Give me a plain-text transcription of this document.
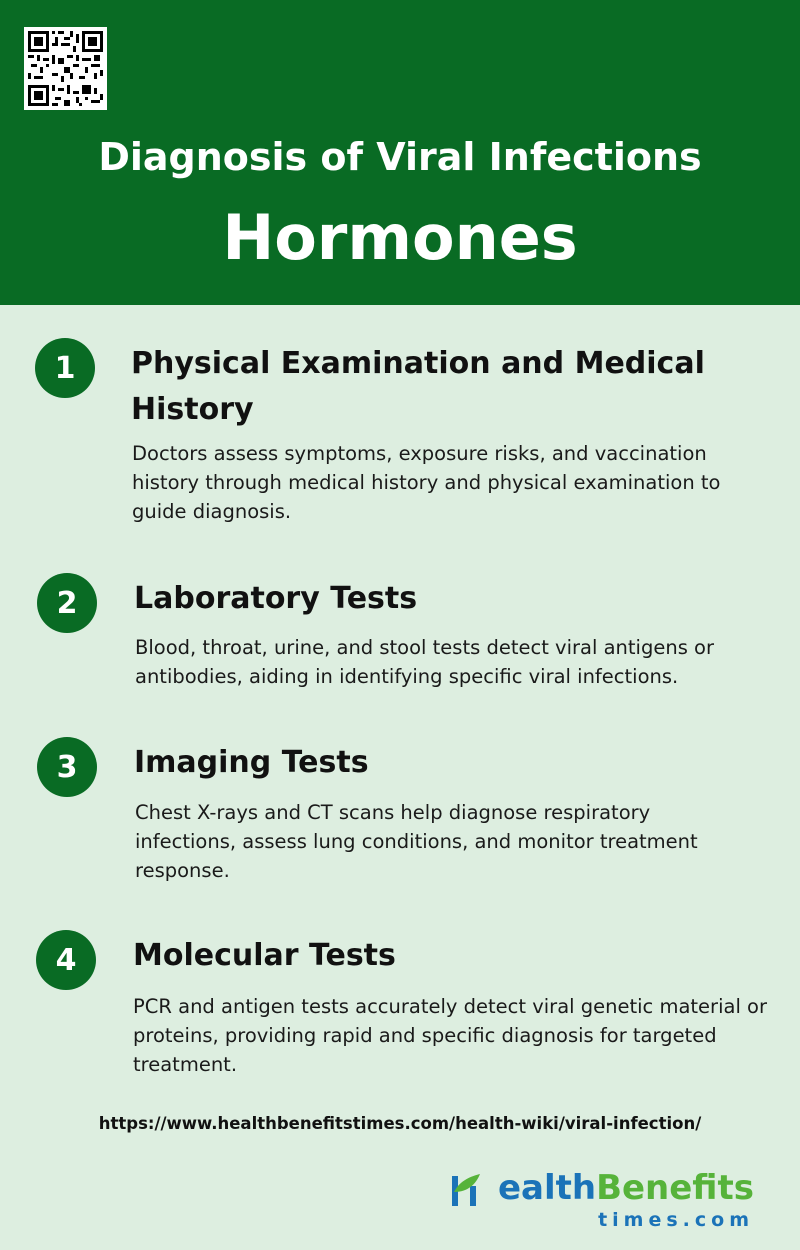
Diagnosis of Viral Infections
Hormones
1	Physical Examination and Medical
History
Doctors assess symptoms, exposure risks, and vaccination history through medical history and physical examination to guide diagnosis.
2	Laboratory Tests
Blood, throat, urine, and stool tests detect viral antigens or antibodies, aiding in identifying specific viral infections.
3	Imaging Tests
Chest X-rays and CT scans help diagnose respiratory infections, assess lung conditions, and monitor treatment response.
4	Molecular Tests
PCR and antigen tests accurately detect viral genetic material or proteins, providing rapid and specific diagnosis for targeted treatment.
https://www.healthbenefitstimes.com/health-wiki/viral-infection/
ealthBenefits
times.com
